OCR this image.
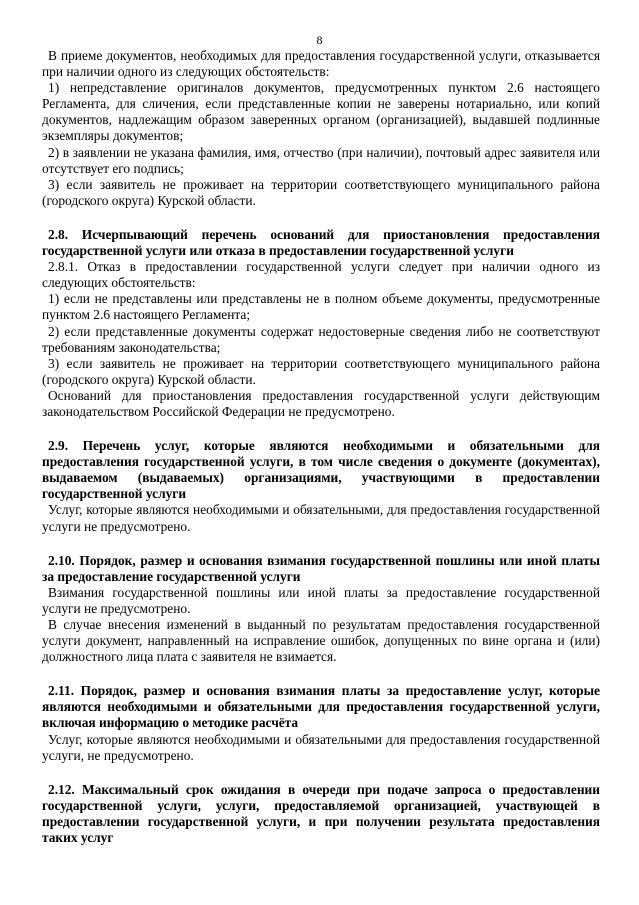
8

В приеме документов, необходимых для предоставления государственной услуги, отказывается при наличии одного из следующих обстоятельств:

1) непредставление оригиналов документов, предусмотренных пунктом 2.6 настоящего Регламента, для сличения, если представленные копии не заверены нотариально, или копий документов, надлежащим образом заверенных органом (организацией), выдавшей подлинные экземпляры документов;

2) в заявлении не указана фамилия, имя, отчество (при наличии), почтовый адрес заявителя или отсутствует его подпись;

3) если заявитель не проживает на территории соответствующего муниципального района (городского округа) Курской области.

2.8. Исчерпывающий перечень оснований для приостановления предоставления государственной услуги или отказа в предоставлении государственной услуги

2.8.1. Отказ в предоставлении государственной услуги следует при наличии одного из следующих обстоятельств:

1) если не представлены или представлены не в полном объеме документы, предусмотренные пунктом 2.6 настоящего Регламента;

2) если представленные документы содержат недостоверные сведения либо не соответствуют требованиям законодательства;

3) если заявитель не проживает на территории соответствующего муниципального района (городского округа) Курской области.

Оснований для приостановления предоставления государственной услуги действующим законодательством Российской Федерации не предусмотрено.

2.9. Перечень услуг, которые являются необходимыми и обязательными для предоставления государственной услуги, в том числе сведения о документе (документах), выдаваемом (выдаваемых) организациями, участвующими в предоставлении государственной услуги

Услуг, которые являются необходимыми и обязательными, для предоставления государственной услуги не предусмотрено.

2.10. Порядок, размер и основания взимания государственной пошлины или иной платы за предоставление государственной услуги

Взимания государственной пошлины или иной платы за предоставление государственной услуги не предусмотрено.

В случае внесения изменений в выданный по результатам предоставления государственной услуги документ, направленный на исправление ошибок, допущенных по вине органа и (или) должностного лица плата с заявителя не взимается.

2.11. Порядок, размер и основания взимания платы за предоставление услуг, которые являются необходимыми и обязательными для предоставления государственной услуги, включая информацию о методике расчёта

Услуг, которые являются необходимыми и обязательными для предоставления государственной услуги, не предусмотрено.

2.12. Максимальный срок ожидания в очереди при подаче запроса о предоставлении государственной услуги, услуги, предоставляемой организацией, участвующей в предоставлении государственной услуги, и при получении результата предоставления таких услуг
